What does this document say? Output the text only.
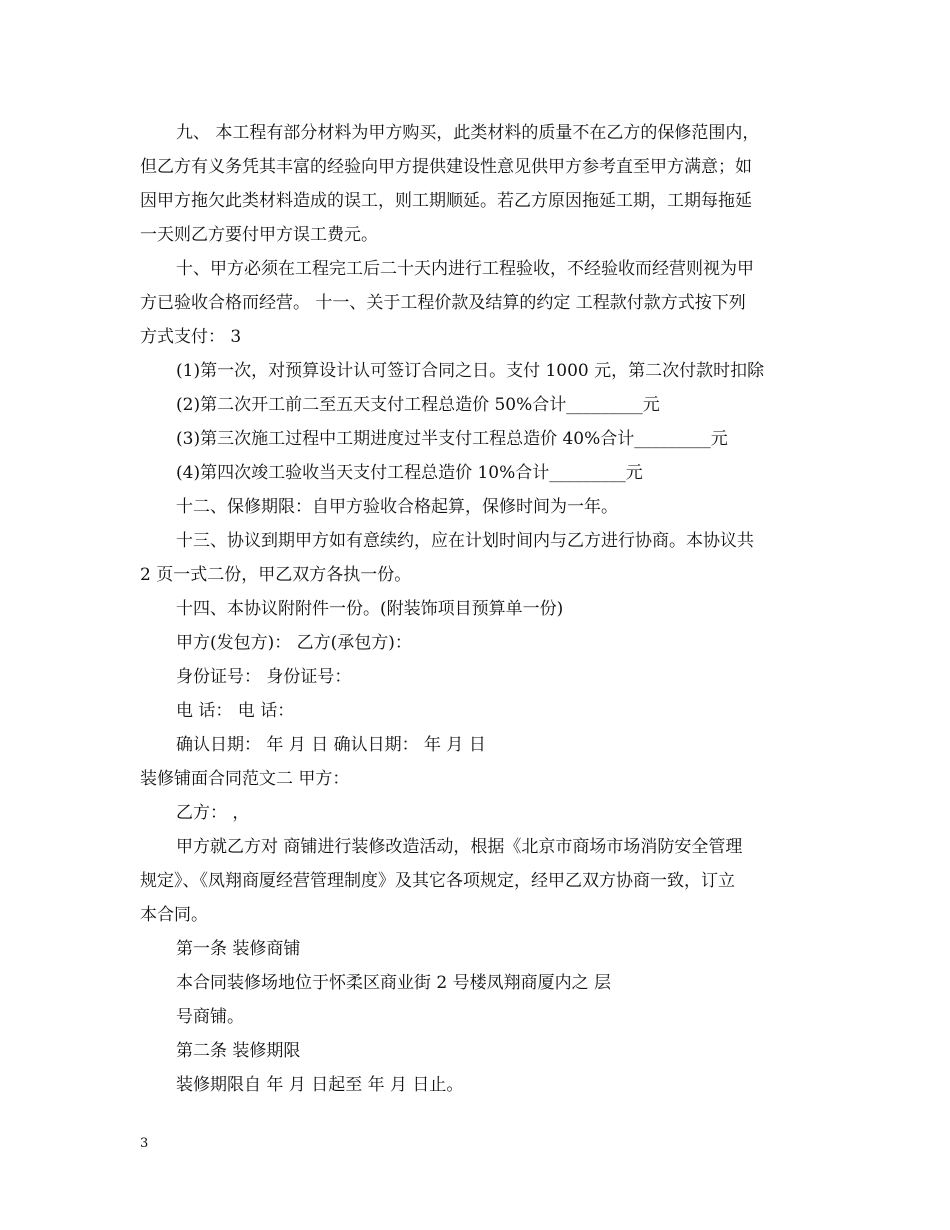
九、 本工程有部分材料为甲方购买，此类材料的质量不在乙方的保修范围内，
但乙方有义务凭其丰富的经验向甲方提供建设性意见供甲方参考直至甲方满意；如
因甲方拖欠此类材料造成的误工，则工期顺延。若乙方原因拖延工期，工期每拖延
一天则乙方要付甲方误工费元。
十、甲方必须在工程完工后二十天内进行工程验收，不经验收而经营则视为甲
方已验收合格而经营。 十一、关于工程价款及结算的约定 工程款付款方式按下列
方式支付： 3
(1)第一次，对预算设计认可签订合同之日。支付 1000 元，第二次付款时扣除
(2)第二次开工前二至五天支付工程总造价 50%合计_________元
(3)第三次施工过程中工期进度过半支付工程总造价 40%合计_________元
(4)第四次竣工验收当天支付工程总造价 10%合计_________元
十二、保修期限：自甲方验收合格起算，保修时间为一年。
十三、协议到期甲方如有意续约，应在计划时间内与乙方进行协商。本协议共
2 页一式二份，甲乙双方各执一份。
十四、本协议附附件一份。(附装饰项目预算单一份)
甲方(发包方)： 乙方(承包方)：
身份证号： 身份证号：
电 话： 电 话：
确认日期： 年 月 日 确认日期： 年 月 日
装修铺面合同范文二 甲方：
乙方： ，
甲方就乙方对 商铺进行装修改造活动，根据《北京市商场市场消防安全管理
规定》、《凤翔商厦经营管理制度》及其它各项规定，经甲乙双方协商一致，订立
本合同。
第一条 装修商铺
本合同装修场地位于怀柔区商业街 2 号楼凤翔商厦内之 层
号商铺。
第二条 装修期限
装修期限自 年 月 日起至 年 月 日止。
3
